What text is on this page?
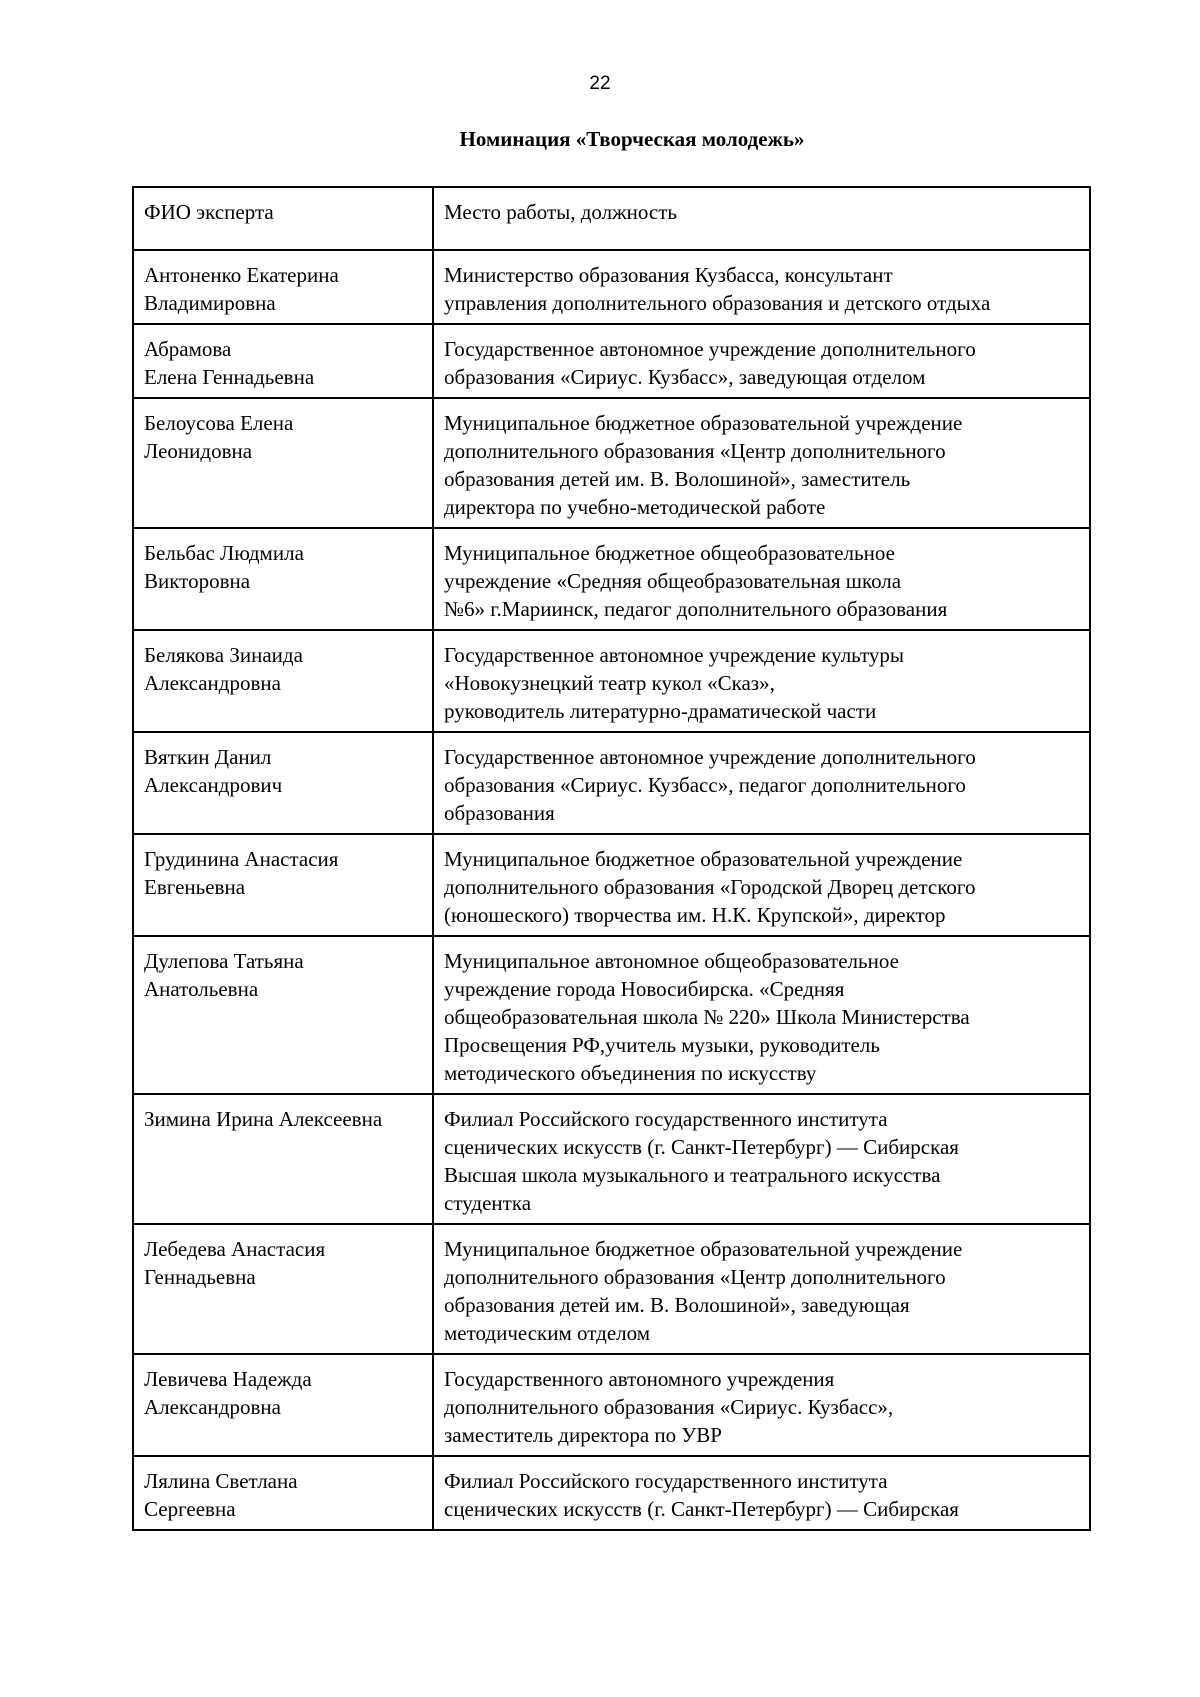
22
Номинация «Творческая молодежь»
ФИО эксперта	Место работы, должность

Антоненко Екатерина
Владимировна	Министерство образования Кузбасса, консультант
управления дополнительного образования и детского отдыха

Абрамова
Елена Геннадьевна	Государственное автономное учреждение дополнительного
образования «Сириус. Кузбасс», заведующая отделом

Белоусова Елена
Леонидовна	Муниципальное бюджетное образовательной учреждение
дополнительного образования «Центр дополнительного
образования детей им. В. Волошиной», заместитель
директора по учебно-методической работе

Бельбас Людмила
Викторовна	Муниципальное бюджетное общеобразовательное
учреждение «Средняя общеобразовательная школа
№6» г.Мариинск, педагог дополнительного образования

Белякова Зинаида
Александровна	Государственное автономное учреждение культуры
«Новокузнецкий театр кукол «Сказ»,
руководитель литературно-драматической части

Вяткин Данил
Александрович	Государственное автономное учреждение дополнительного
образования «Сириус. Кузбасс», педагог дополнительного
образования

Грудинина Анастасия
Евгеньевна	Муниципальное бюджетное образовательной учреждение
дополнительного образования «Городской Дворец детского
(юношеского) творчества им. Н.К. Крупской», директор

Дулепова Татьяна
Анатольевна	Муниципальное автономное общеобразовательное
учреждение города Новосибирска. «Средняя
общеобразовательная школа № 220» Школа Министерства
Просвещения РФ,учитель музыки, руководитель
методического объединения по искусству

Зимина Ирина Алексеевна	Филиал Российского государственного института
сценических искусств (г. Санкт-Петербург) — Сибирская
Высшая школа музыкального и театрального искусства
студентка

Лебедева Анастасия
Геннадьевна	Муниципальное бюджетное образовательной учреждение
дополнительного образования «Центр дополнительного
образования детей им. В. Волошиной», заведующая
методическим отделом

Левичева Надежда
Александровна	Государственного автономного учреждения
дополнительного образования «Сириус. Кузбасс»,
заместитель директора по УВР

Лялина Светлана
Сергеевна	Филиал Российского государственного института
сценических искусств (г. Санкт-Петербург) — Сибирская
